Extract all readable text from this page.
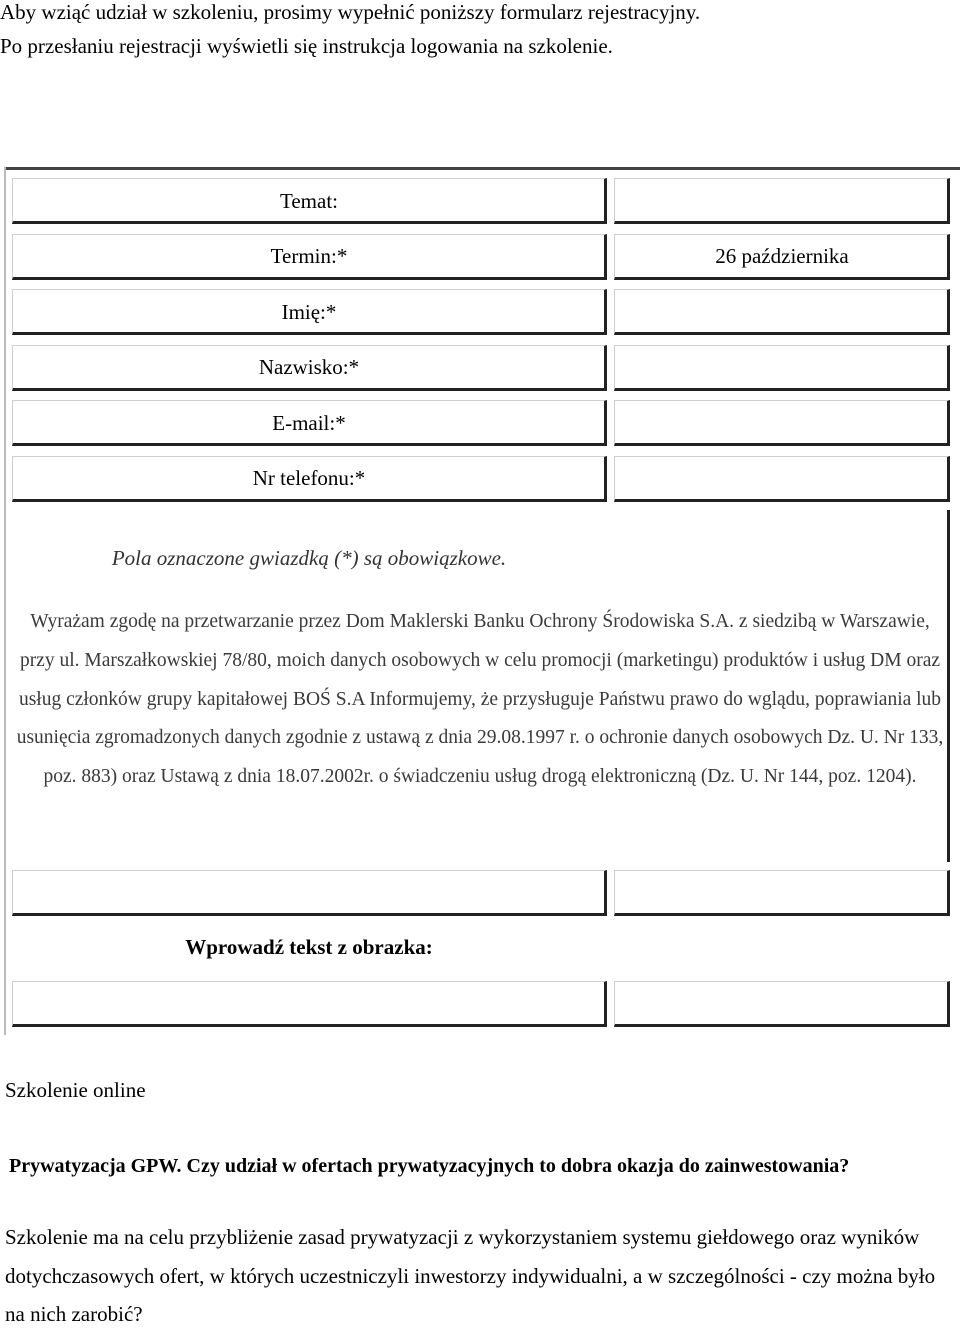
Aby wziąć udział w szkoleniu, prosimy wypełnić poniższy formularz rejestracyjny.
Po przesłaniu rejestracji wyświetli się instrukcja logowania na szkolenie.
Temat:
Termin:*	26 października
Imię:*
Nazwisko:*
E-mail:*
Nr telefonu:*
Pola oznaczone gwiazdką (*) są obowiązkowe.
Wyrażam zgodę na przetwarzanie przez Dom Maklerski Banku Ochrony Środowiska S.A. z siedzibą w Warszawie, przy ul. Marszałkowskiej 78/80, moich danych osobowych w celu promocji (marketingu) produktów i usług DM oraz usług członków grupy kapitałowej BOŚ S.A Informujemy, że przysługuje Państwu prawo do wglądu, poprawiania lub usunięcia zgromadzonych danych zgodnie z ustawą z dnia 29.08.1997 r. o ochronie danych osobowych Dz. U. Nr 133, poz. 883) oraz Ustawą z dnia 18.07.2002r. o świadczeniu usług drogą elektroniczną (Dz. U. Nr 144, poz. 1204).
Wprowadź tekst z obrazka:
Szkolenie online
Prywatyzacja GPW. Czy udział w ofertach prywatyzacyjnych to dobra okazja do zainwestowania?
Szkolenie ma na celu przybliżenie zasad prywatyzacji z wykorzystaniem systemu giełdowego oraz wyników dotychczasowych ofert, w których uczestniczyli inwestorzy indywidualni, a w szczególności - czy można było na nich zarobić?
